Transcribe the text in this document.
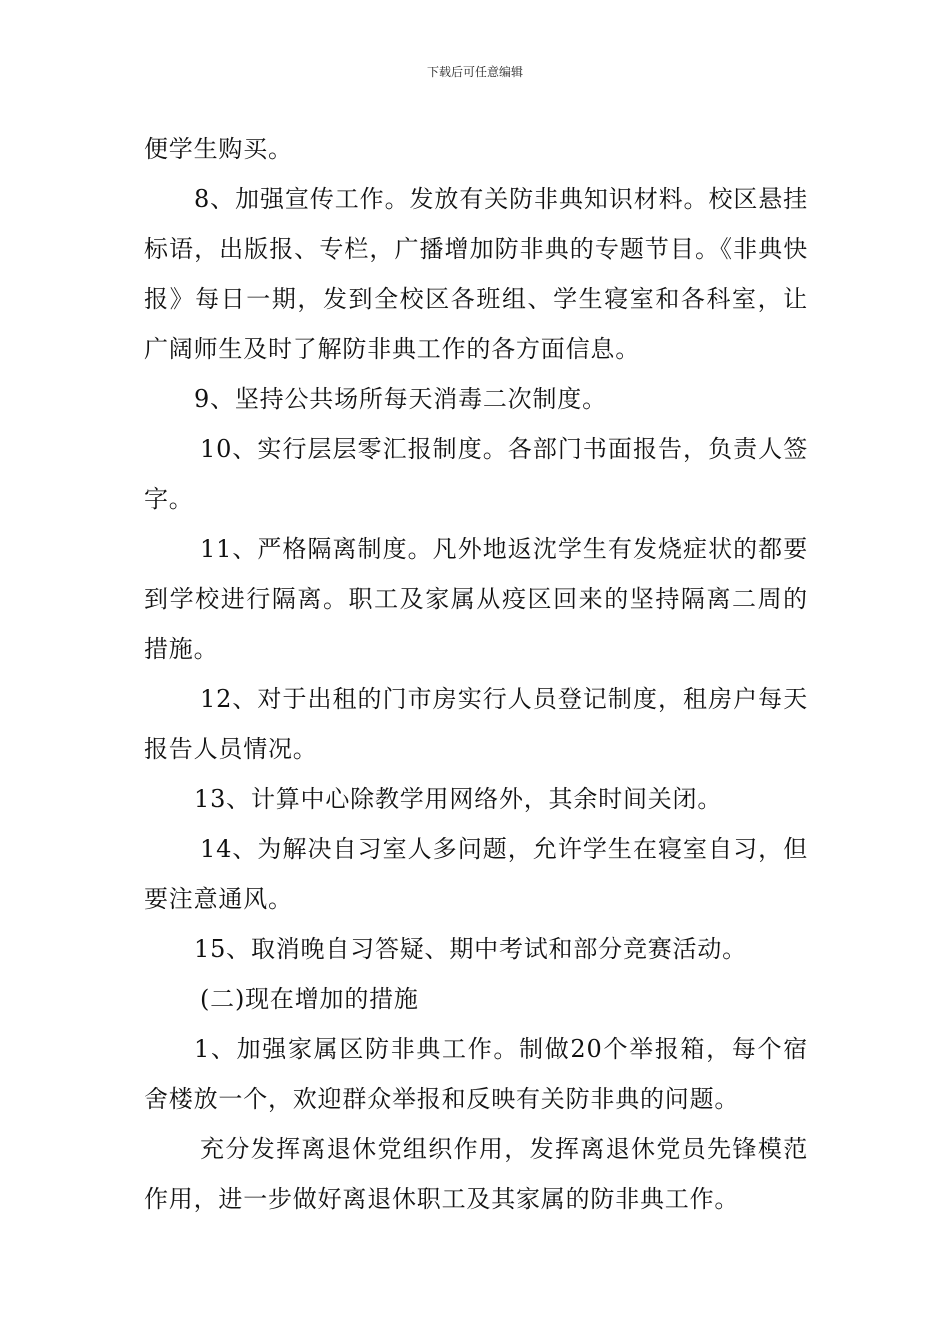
下载后可任意编辑

便学生购买。

8、加强宣传工作。发放有关防非典知识材料。校区悬挂标语，出版报、专栏，广播增加防非典的专题节目。《非典快报》每日一期，发到全校区各班组、学生寝室和各科室，让广阔师生及时了解防非典工作的各方面信息。

9、坚持公共场所每天消毒二次制度。

10、实行层层零汇报制度。各部门书面报告，负责人签字。

11、严格隔离制度。凡外地返沈学生有发烧症状的都要到学校进行隔离。职工及家属从疫区回来的坚持隔离二周的措施。

12、对于出租的门市房实行人员登记制度，租房户每天报告人员情况。

13、计算中心除教学用网络外，其余时间关闭。

14、为解决自习室人多问题，允许学生在寝室自习，但要注意通风。

15、取消晚自习答疑、期中考试和部分竞赛活动。

(二)现在增加的措施

1、加强家属区防非典工作。制做20个举报箱，每个宿舍楼放一个，欢迎群众举报和反映有关防非典的问题。

充分发挥离退休党组织作用，发挥离退休党员先锋模范作用，进一步做好离退休职工及其家属的防非典工作。
